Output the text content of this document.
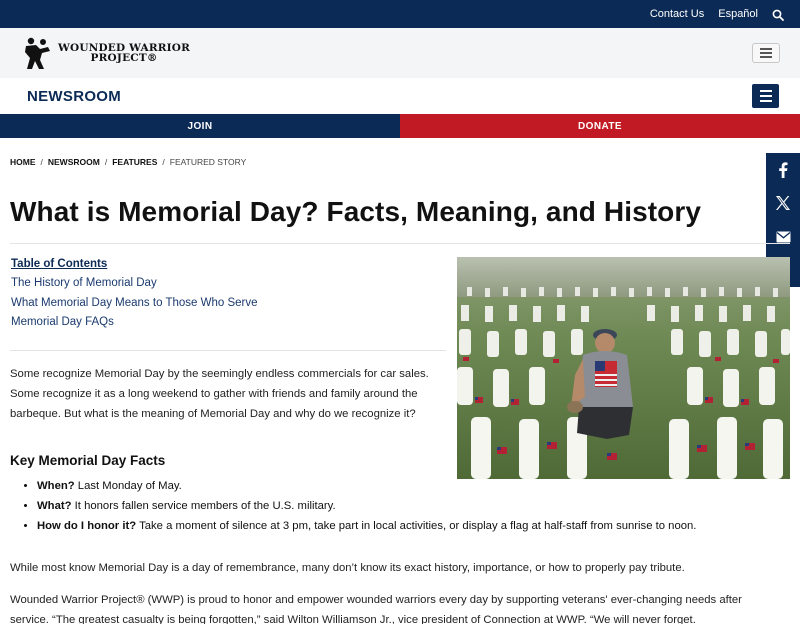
Contact Us Español
WOUNDED WARRIOR
PROJECT®
NEWSROOM
JOIN	DONATE
HOME / NEWSROOM / FEATURES / FEATURED STORY
What is Memorial Day? Facts, Meaning, and History
Table of Contents
The History of Memorial Day
What Memorial Day Means to Those Who Serve
Memorial Day FAQs

Some recognize Memorial Day by the seemingly endless commercials for car sales. Some recognize it as a long weekend to gather with friends and family around the barbeque. But what is the meaning of Memorial Day and why do we recognize it?

Key Memorial Day Facts
• When? Last Monday of May.
• What? It honors fallen service members of the U.S. military.
• How do I honor it? Take a moment of silence at 3 pm, take part in local activities, or display a flag at half-staff from sunrise to noon.

While most know Memorial Day is a day of remembrance, many don’t know its exact history, importance, or how to properly pay tribute.

Wounded Warrior Project® (WWP) is proud to honor and empower wounded warriors every day by supporting veterans' ever-changing needs after service. “The greatest casualty is being forgotten,” said Wilton Williamson Jr., vice president of Connection at WWP. “We will never forget.
